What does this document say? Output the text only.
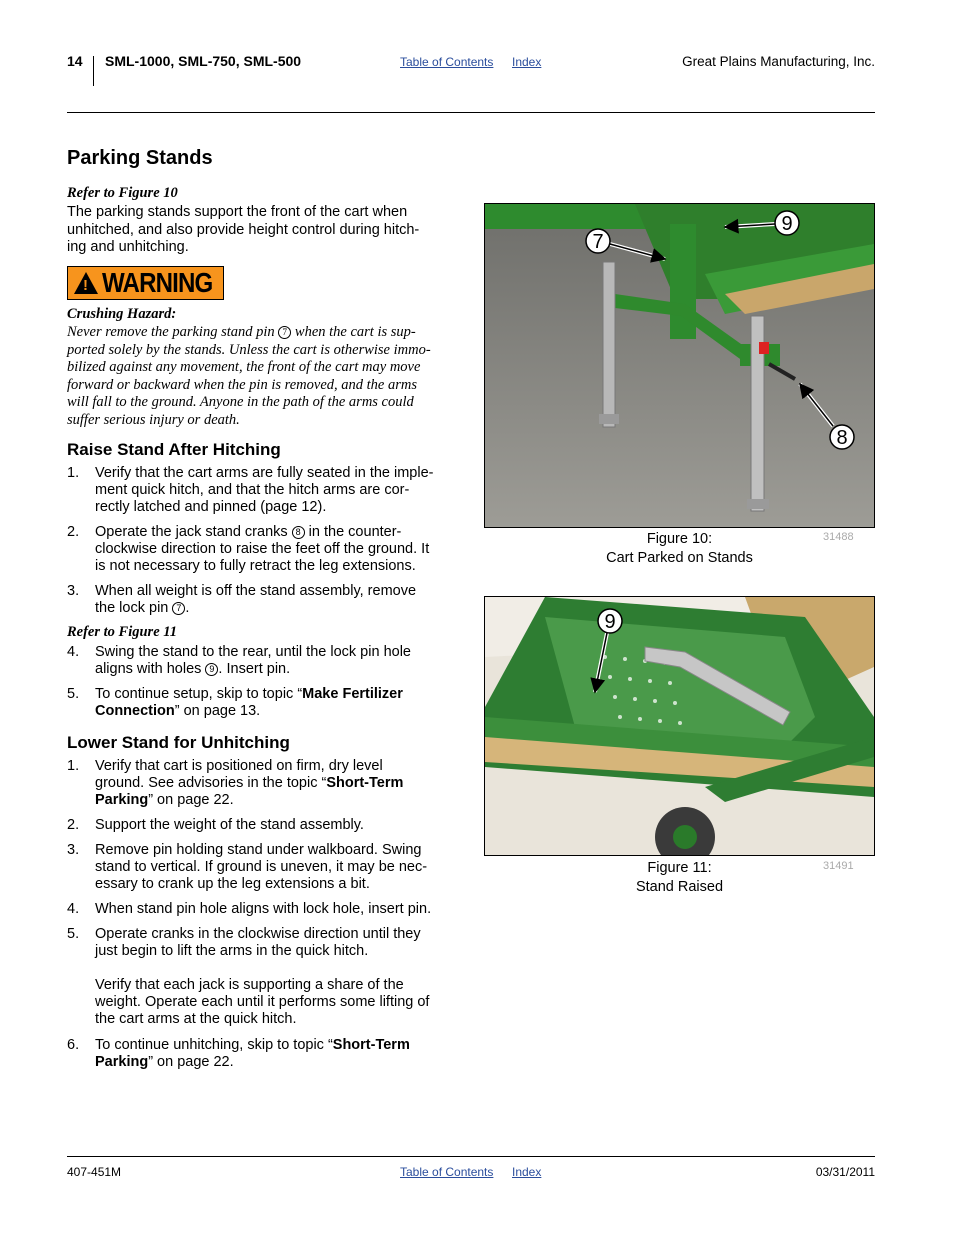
14 SML-1000, SML-750, SML-500	Table of Contents Index	Great Plains Manufacturing, Inc.
Parking Stands
Refer to Figure 10
The parking stands support the front of the cart when
unhitched, and also provide height control during hitch-
ing and unhitching.
! WARNING
Crushing Hazard:
Never remove the parking stand pin 7 when the cart is sup-
ported solely by the stands. Unless the cart is otherwise immo-
bilized against any movement, the front of the cart may move
forward or backward when the pin is removed, and the arms
will fall to the ground. Anyone in the path of the arms could
suffer serious injury or death.
Raise Stand After Hitching
1. Verify that the cart arms are fully seated in the imple-
ment quick hitch, and that the hitch arms are cor-
rectly latched and pinned (page 12).
2. Operate the jack stand cranks 8 in the counter-
clockwise direction to raise the feet off the ground. It
is not necessary to fully retract the leg extensions.
3. When all weight is off the stand assembly, remove
the lock pin 7 .
Refer to Figure 11
4. Swing the stand to the rear, until the lock pin hole
aligns with holes 9 . Insert pin.
5. To continue setup, skip to topic “Make Fertilizer
Connection” on page 13.
Lower Stand for Unhitching
1. Verify that cart is positioned on firm, dry level
ground. See advisories in the topic “Short-Term
Parking” on page 22.
2. Support the weight of the stand assembly.
3. Remove pin holding stand under walkboard. Swing
stand to vertical. If ground is uneven, it may be nec-
essary to crank up the leg extensions a bit.
4. When stand pin hole aligns with lock hole, insert pin.
5. Operate cranks in the clockwise direction until they
just begin to lift the arms in the quick hitch.
Verify that each jack is supporting a share of the
weight. Operate each until it performs some lifting of
the cart arms at the quick hitch.
6. To continue unhitching, skip to topic “Short-Term
Parking” on page 22.
7
9
8
Figure 10:
Cart Parked on Stands
31488
9
Figure 11:
Stand Raised
31491
407-451M	Table of Contents Index	03/31/2011
